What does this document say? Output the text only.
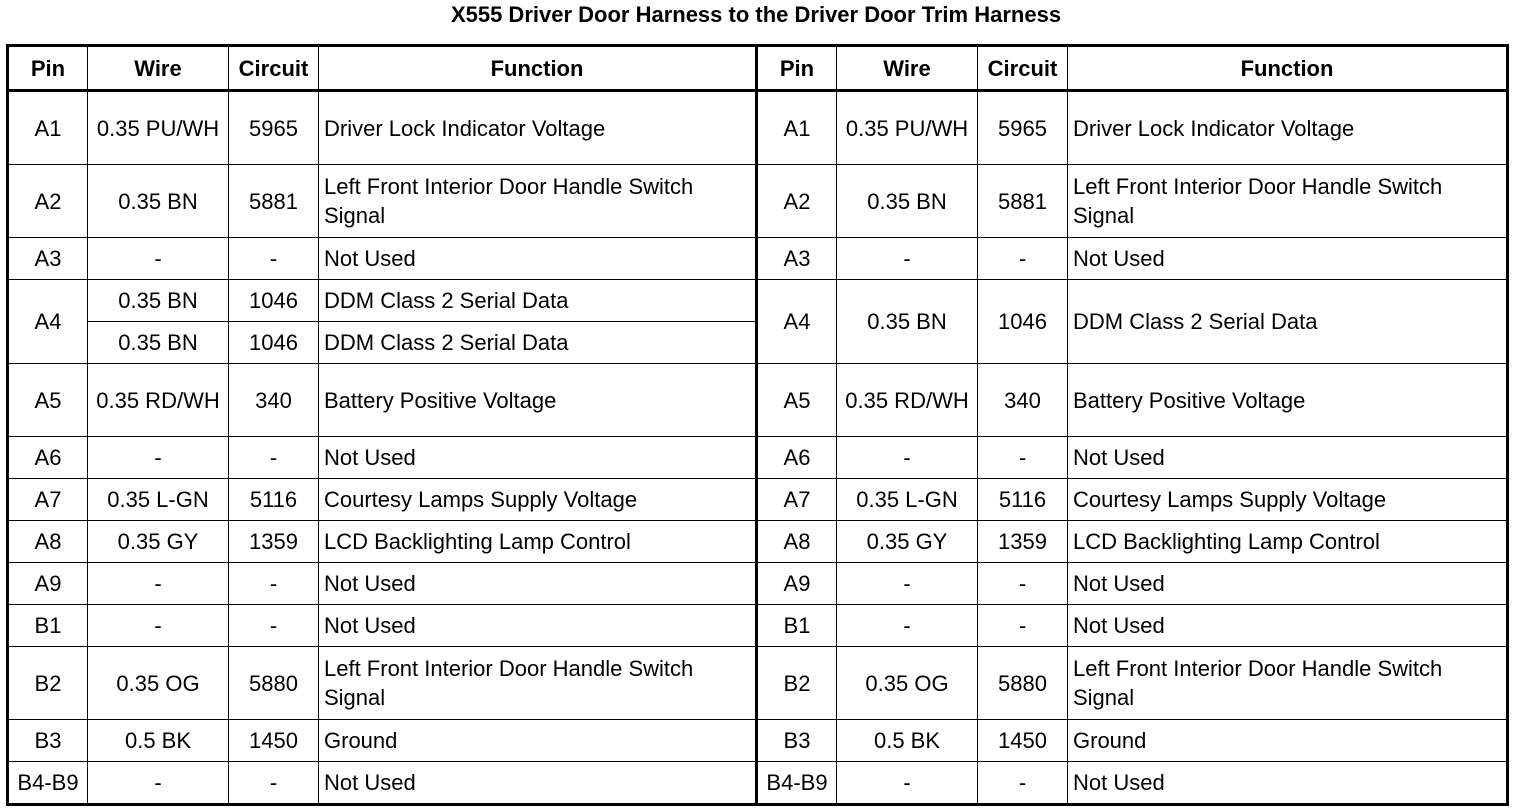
X555 Driver Door Harness to the Driver Door Trim Harness
Pin	Wire	Circuit	Function	Pin	Wire	Circuit	Function
A1	0.35 PU/WH	5965	Driver Lock Indicator Voltage	A1	0.35 PU/WH	5965	Driver Lock Indicator Voltage
A2	0.35 BN	5881	Left Front Interior Door Handle Switch Signal	A2	0.35 BN	5881	Left Front Interior Door Handle Switch Signal
A3	-	-	Not Used	A3	-	-	Not Used
A4	0.35 BN	1046	DDM Class 2 Serial Data	A4	0.35 BN	1046	DDM Class 2 Serial Data
	0.35 BN	1046	DDM Class 2 Serial Data				
A5	0.35 RD/WH	340	Battery Positive Voltage	A5	0.35 RD/WH	340	Battery Positive Voltage
A6	-	-	Not Used	A6	-	-	Not Used
A7	0.35 L-GN	5116	Courtesy Lamps Supply Voltage	A7	0.35 L-GN	5116	Courtesy Lamps Supply Voltage
A8	0.35 GY	1359	LCD Backlighting Lamp Control	A8	0.35 GY	1359	LCD Backlighting Lamp Control
A9	-	-	Not Used	A9	-	-	Not Used
B1	-	-	Not Used	B1	-	-	Not Used
B2	0.35 OG	5880	Left Front Interior Door Handle Switch Signal	B2	0.35 OG	5880	Left Front Interior Door Handle Switch Signal
B3	0.5 BK	1450	Ground	B3	0.5 BK	1450	Ground
B4-B9	-	-	Not Used	B4-B9	-	-	Not Used
